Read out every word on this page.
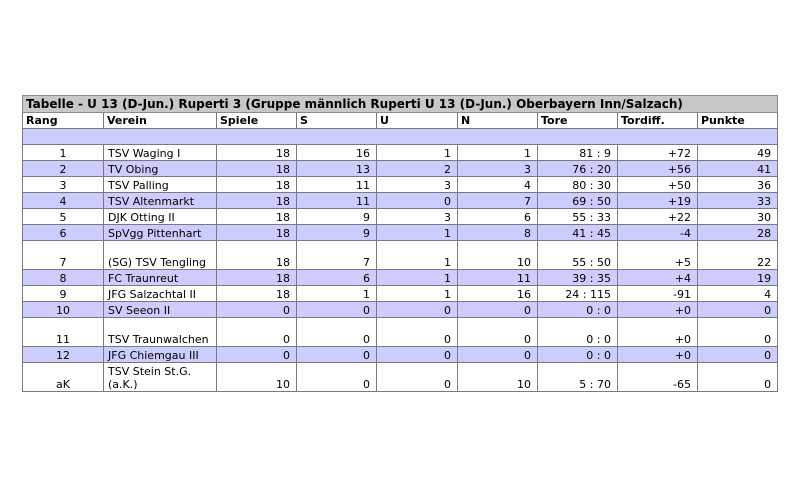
Tabelle - U 13 (D-Jun.) Ruperti 3 (Gruppe männlich Ruperti U 13 (D-Jun.) Oberbayern Inn/Salzach)								
Rang	Verein	Spiele	S	U	N	Tore	Tordiff.	Punkte

1	TSV Waging I	18	16	1	1	81 : 9	+72	49
2	TV Obing	18	13	2	3	76 : 20	+56	41
3	TSV Palling	18	11	3	4	80 : 30	+50	36
4	TSV Altenmarkt	18	11	0	7	69 : 50	+19	33
5	DJK Otting II	18	9	3	6	55 : 33	+22	30
6	SpVgg Pittenhart	18	9	1	8	41 : 45	-4	28
7	(SG) TSV Tengling	18	7	1	10	55 : 50	+5	22
8	FC Traunreut	18	6	1	11	39 : 35	+4	19
9	JFG Salzachtal II	18	1	1	16	24 : 115	-91	4
10	SV Seeon II	0	0	0	0	0 : 0	+0	0
11	TSV Traunwalchen	0	0	0	0	0 : 0	+0	0
12	JFG Chiemgau III	0	0	0	0	0 : 0	+0	0
aK	TSV Stein St.G. (a.K.)	10	0	0	10	5 : 70	-65	0
